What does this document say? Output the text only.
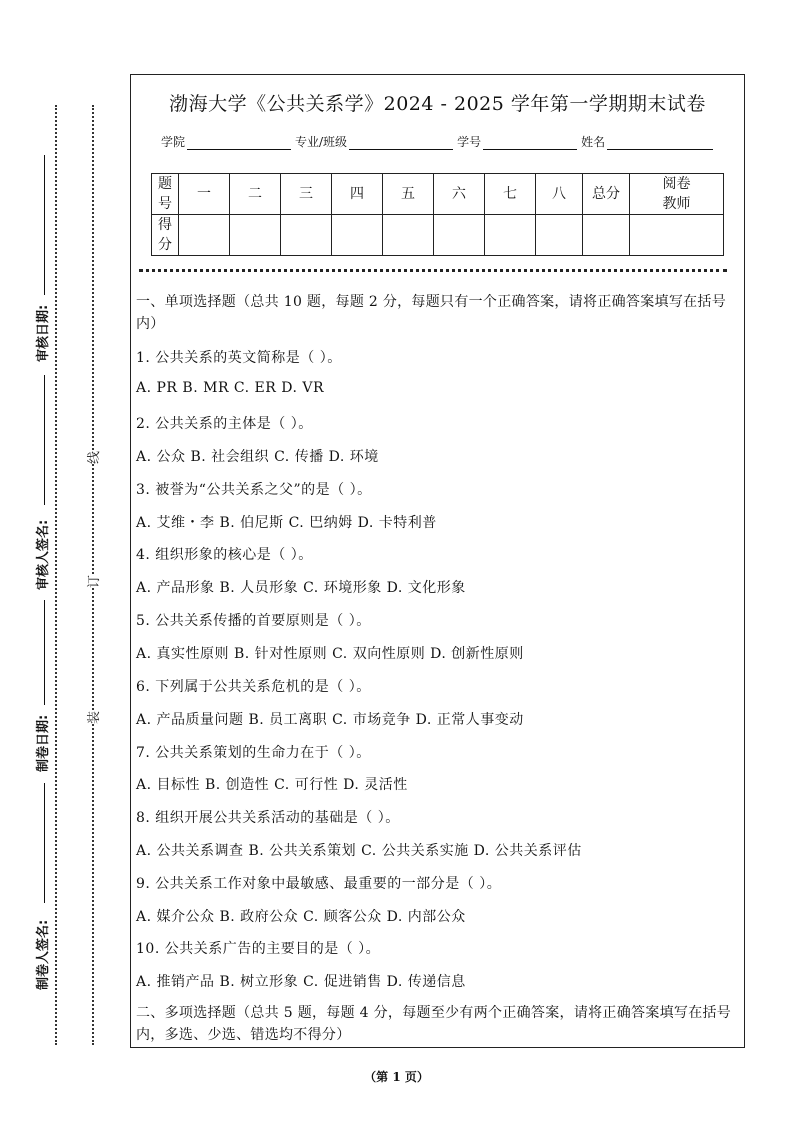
审核日期:
审核人签名:
制卷日期:
制卷人签名:
线
订
装
渤海大学《公共关系学》2024 - 2025 学年第一学期期末试卷
学院	专业/班级	学号	姓名
题号	一	二	三	四	五	六	七	八	总分	阅卷教师
得分										
一、单项选择题（总共 10 题，每题 2 分，每题只有一个正确答案，请将正确答案填写在括号内）
1. 公共关系的英文简称是（ ）。
A. PR B. MR C. ER D. VR
2. 公共关系的主体是（ ）。
A. 公众 B. 社会组织 C. 传播 D. 环境
3. 被誉为“公共关系之父”的是（ ）。
A. 艾维・李 B. 伯尼斯 C. 巴纳姆 D. 卡特利普
4. 组织形象的核心是（ ）。
A. 产品形象 B. 人员形象 C. 环境形象 D. 文化形象
5. 公共关系传播的首要原则是（ ）。
A. 真实性原则 B. 针对性原则 C. 双向性原则 D. 创新性原则
6. 下列属于公共关系危机的是（ ）。
A. 产品质量问题 B. 员工离职 C. 市场竞争 D. 正常人事变动
7. 公共关系策划的生命力在于（ ）。
A. 目标性 B. 创造性 C. 可行性 D. 灵活性
8. 组织开展公共关系活动的基础是（ ）。
A. 公共关系调查 B. 公共关系策划 C. 公共关系实施 D. 公共关系评估
9. 公共关系工作对象中最敏感、最重要的一部分是（ ）。
A. 媒介公众 B. 政府公众 C. 顾客公众 D. 内部公众
10. 公共关系广告的主要目的是（ ）。
A. 推销产品 B. 树立形象 C. 促进销售 D. 传递信息
二、多项选择题（总共 5 题，每题 4 分，每题至少有两个正确答案，请将正确答案填写在括号内，多选、少选、错选均不得分）
（第 1 页）
